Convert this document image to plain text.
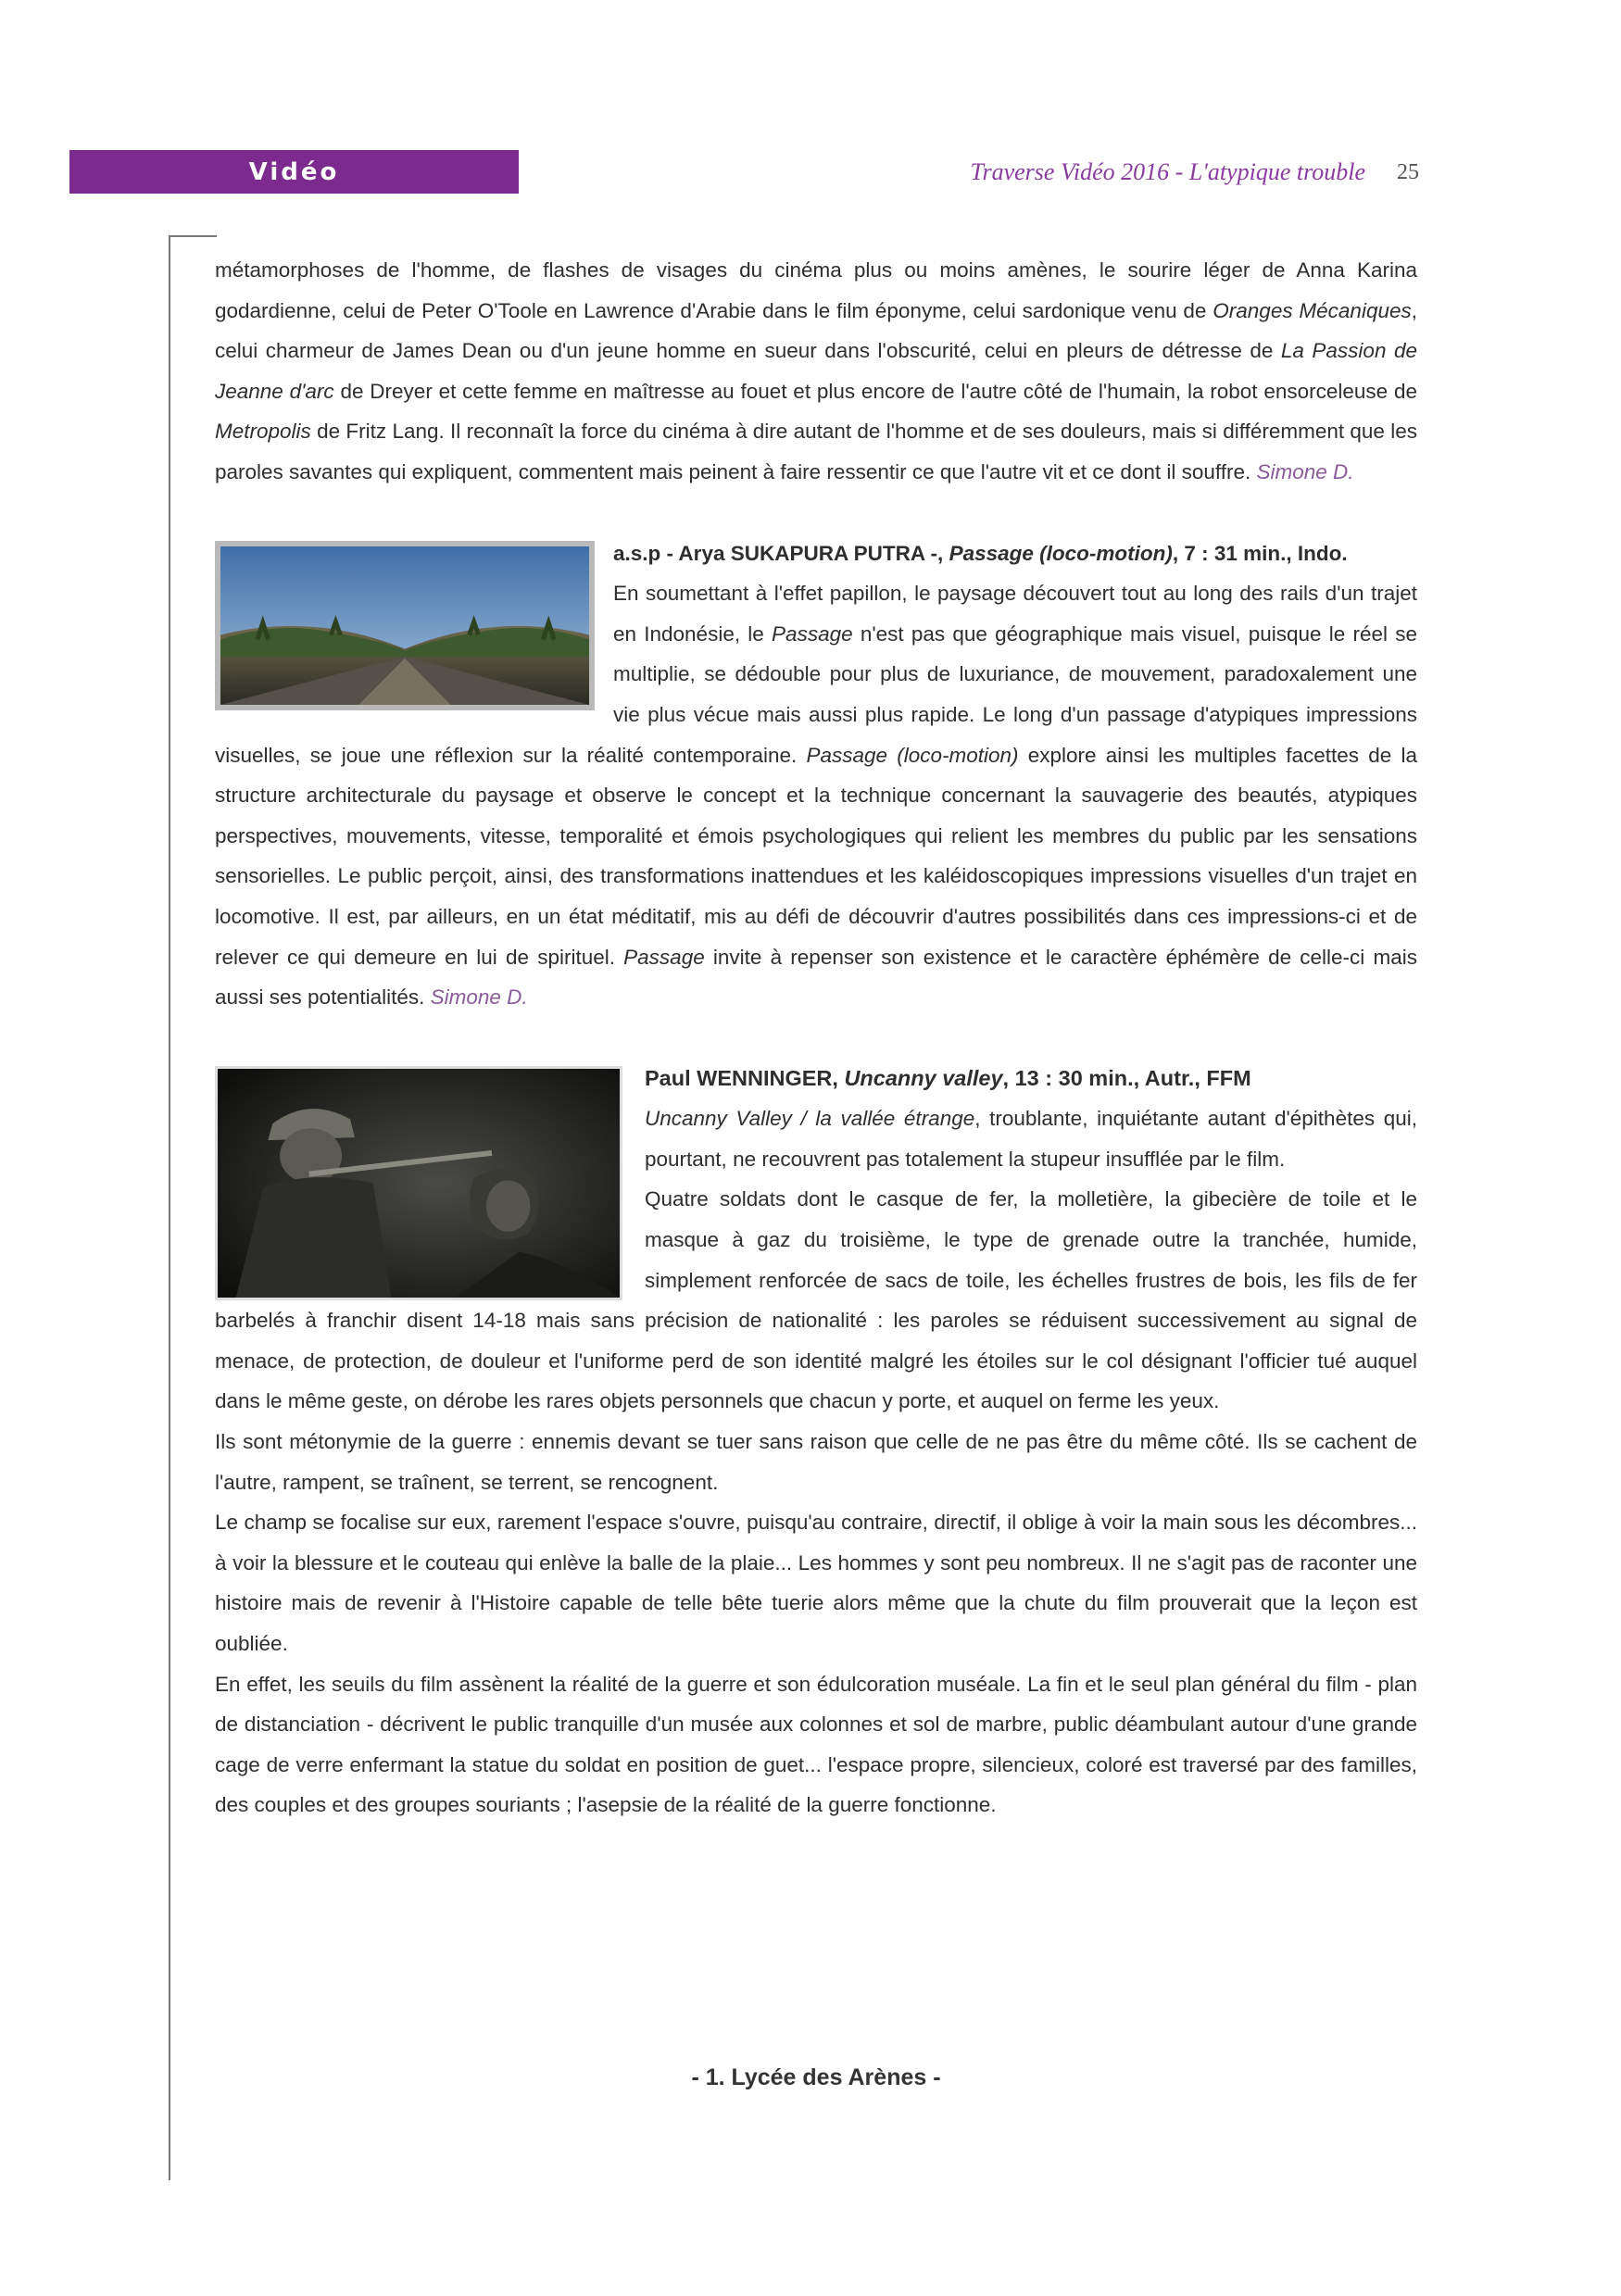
Vidéo	Traverse Vidéo 2016 - L'atypique trouble 25

métamorphoses de l'homme, de flashes de visages du cinéma plus ou moins amènes, le sourire léger de Anna Karina godardienne, celui de Peter O'Toole en Lawrence d'Arabie dans le film éponyme, celui sardonique venu de Oranges Mécaniques, celui charmeur de James Dean ou d'un jeune homme en sueur dans l'obscurité, celui en pleurs de détresse de La Passion de Jeanne d'arc de Dreyer et cette femme en maîtresse au fouet et plus encore de l'autre côté de l'humain, la robot ensorceleuse de Metropolis de Fritz Lang. Il reconnaît la force du cinéma à dire autant de l'homme et de ses douleurs, mais si différemment que les paroles savantes qui expliquent, commentent mais peinent à faire ressentir ce que l'autre vit et ce dont il souffre. Simone D.

a.s.p - Arya SUKAPURA PUTRA -, Passage (loco-motion), 7 : 31 min., Indo.

En soumettant à l'effet papillon, le paysage découvert tout au long des rails d'un trajet en Indonésie, le Passage n'est pas que géographique mais visuel, puisque le réel se multiplie, se dédouble pour plus de luxuriance, de mouvement, paradoxalement une vie plus vécue mais aussi plus rapide. Le long d'un passage d'atypiques impressions visuelles, se joue une réflexion sur la réalité contemporaine. Passage (loco-motion) explore ainsi les multiples facettes de la structure architecturale du paysage et observe le concept et la technique concernant la sauvagerie des beautés, atypiques perspectives, mouvements, vitesse, temporalité et émois psychologiques qui relient les membres du public par les sensations sensorielles. Le public perçoit, ainsi, des transformations inattendues et les kaléidoscopiques impressions visuelles d'un trajet en locomotive. Il est, par ailleurs, en un état méditatif, mis au défi de découvrir d'autres possibilités dans ces impressions-ci et de relever ce qui demeure en lui de spirituel. Passage invite à repenser son existence et le caractère éphémère de celle-ci mais aussi ses potentialités. Simone D.

Paul WENNINGER, Uncanny valley, 13 : 30 min., Autr., FFM

Uncanny Valley / la vallée étrange, troublante, inquiétante autant d'épithètes qui, pourtant, ne recouvrent pas totalement la stupeur insufflée par le film.

Quatre soldats dont le casque de fer, la molletière, la gibecière de toile et le masque à gaz du troisième, le type de grenade outre la tranchée, humide, simplement renforcée de sacs de toile, les échelles frustres de bois, les fils de fer barbelés à franchir disent 14-18 mais sans précision de nationalité : les paroles se réduisent successivement au signal de menace, de protection, de douleur et l'uniforme perd de son identité malgré les étoiles sur le col désignant l'officier tué auquel dans le même geste, on dérobe les rares objets personnels que chacun y porte, et auquel on ferme les yeux.

Ils sont métonymie de la guerre : ennemis devant se tuer sans raison que celle de ne pas être du même côté. Ils se cachent de l'autre, rampent, se traînent, se terrent, se rencognent.

Le champ se focalise sur eux, rarement l'espace s'ouvre, puisqu'au contraire, directif, il oblige à voir la main sous les décombres... à voir la blessure et le couteau qui enlève la balle de la plaie... Les hommes y sont peu nombreux. Il ne s'agit pas de raconter une histoire mais de revenir à l'Histoire capable de telle bête tuerie alors même que la chute du film prouverait que la leçon est oubliée.

En effet, les seuils du film assènent la réalité de la guerre et son édulcoration muséale. La fin et le seul plan général du film - plan de distanciation - décrivent le public tranquille d'un musée aux colonnes et sol de marbre, public déambulant autour d'une grande cage de verre enfermant la statue du soldat en position de guet... l'espace propre, silencieux, coloré est traversé par des familles, des couples et des groupes souriants ; l'asepsie de la réalité de la guerre fonctionne.

- 1. Lycée des Arènes -
